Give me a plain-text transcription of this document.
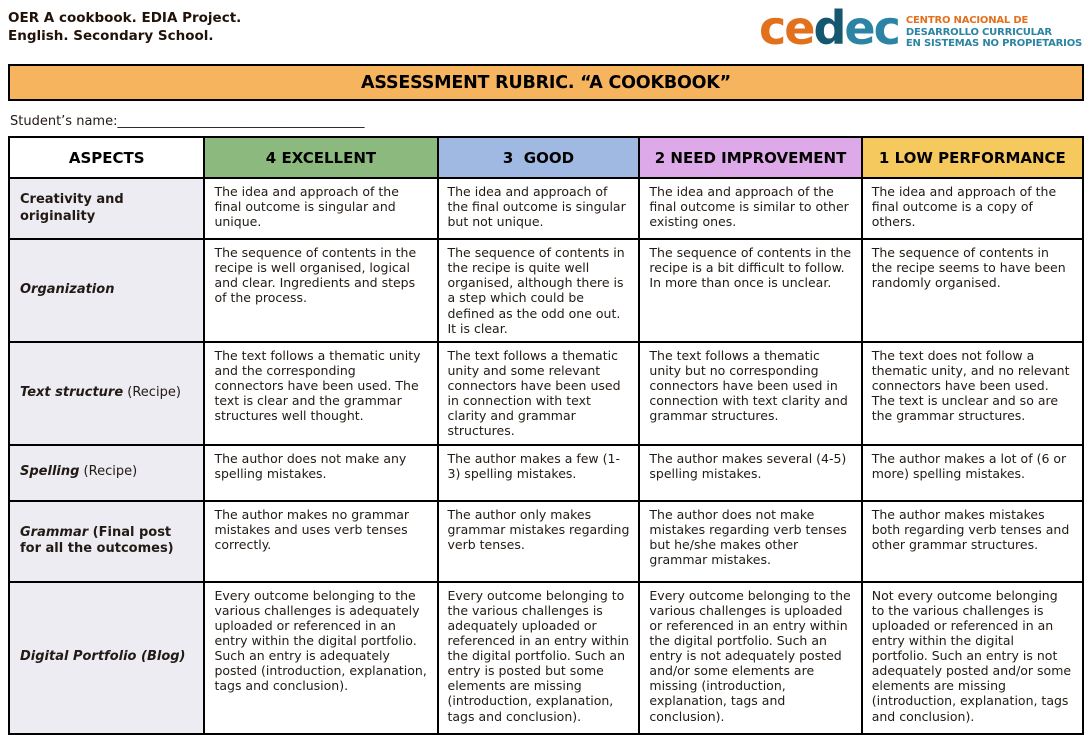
OER A cookbook. EDIA Project.
English. Secondary School.	cedec CENTRO NACIONAL DE
DESARROLLO CURRICULAR
EN SISTEMAS NO PROPIETARIOS
ASSESSMENT RUBRIC. “A COOKBOOK”
Student’s name:______________________________________
ASPECTS	4 EXCELLENT	3  GOOD	2 NEED IMPROVEMENT	1 LOW PERFORMANCE
Creativity and originality	The idea and approach of the final outcome is singular and unique.	The idea and approach of the final outcome is singular but not unique.	The idea and approach of the final outcome is similar to other existing ones.	The idea and approach of the final outcome is a copy of others.
Organization	The sequence of contents in the recipe is well organised, logical and clear. Ingredients and steps of the process.	The sequence of contents in the recipe is quite well organised, although there is a step which could be defined as the odd one out. It is clear.	The sequence of contents in the recipe is a bit difficult to follow. In more than once is unclear.	The sequence of contents in the recipe seems to have been randomly organised.
Text structure (Recipe)	The text follows a thematic unity and the corresponding connectors have been used. The text is clear and the grammar structures well thought.	The text follows a thematic unity and some relevant connectors have been used in connection with text clarity and grammar structures.	The text follows a thematic unity but no corresponding connectors have been used in connection with text clarity and grammar structures.	The text does not follow a thematic unity, and no relevant connectors have been used. The text is unclear and so are the grammar structures.
Spelling (Recipe)	The author does not make any spelling mistakes.	The author makes a few (1-3) spelling mistakes.	The author makes several (4-5) spelling mistakes.	The author makes a lot of (6 or more) spelling mistakes.
Grammar (Final post for all the outcomes)	The author makes no grammar mistakes and uses verb tenses correctly.	The author only makes grammar mistakes regarding verb tenses.	The author does not make mistakes regarding verb tenses but he/she makes other grammar mistakes.	The author makes mistakes both regarding verb tenses and other grammar structures.
Digital Portfolio (Blog)	Every outcome belonging to the various challenges is adequately uploaded or referenced in an entry within the digital portfolio. Such an entry is adequately posted (introduction, explanation, tags and conclusion).	Every outcome belonging to the various challenges is adequately uploaded or referenced in an entry within the digital portfolio. Such an entry is posted but some elements are missing (introduction, explanation, tags and conclusion).	Every outcome belonging to the various challenges is uploaded or referenced in an entry within the digital portfolio. Such an entry is not adequately posted and/or some elements are missing (introduction, explanation, tags and conclusion).	Not every outcome belonging to the various challenges is uploaded or referenced in an entry within the digital portfolio. Such an entry is not adequately posted and/or some elements are missing (introduction, explanation, tags and conclusion).
